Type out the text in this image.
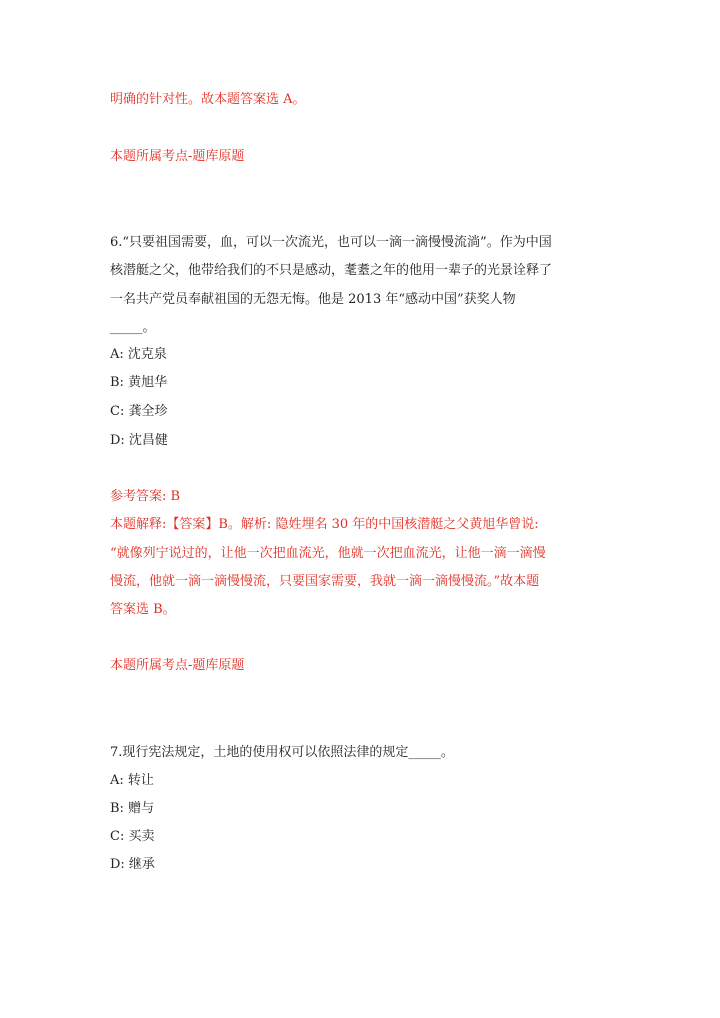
明确的针对性。故本题答案选 A。
本题所属考点-题库原题
6.“只要祖国需要，血，可以一次流光，也可以一滴一滴慢慢流淌”。作为中国
核潜艇之父，他带给我们的不只是感动，耄耋之年的他用一辈子的光景诠释了
一名共产党员奉献祖国的无怨无悔。他是 2013 年“感动中国”获奖人物
_____。
A: 沈克泉
B: 黄旭华
C: 龚全珍
D: 沈昌健
参考答案: B
本题解释:【答案】B。解析: 隐姓埋名 30 年的中国核潜艇之父黄旭华曾说:
“就像列宁说过的，让他一次把血流光，他就一次把血流光，让他一滴一滴慢
慢流，他就一滴一滴慢慢流，只要国家需要，我就一滴一滴慢慢流。”故本题
答案选 B。
本题所属考点-题库原题
7.现行宪法规定，土地的使用权可以依照法律的规定_____。
A: 转让
B: 赠与
C: 买卖
D: 继承
